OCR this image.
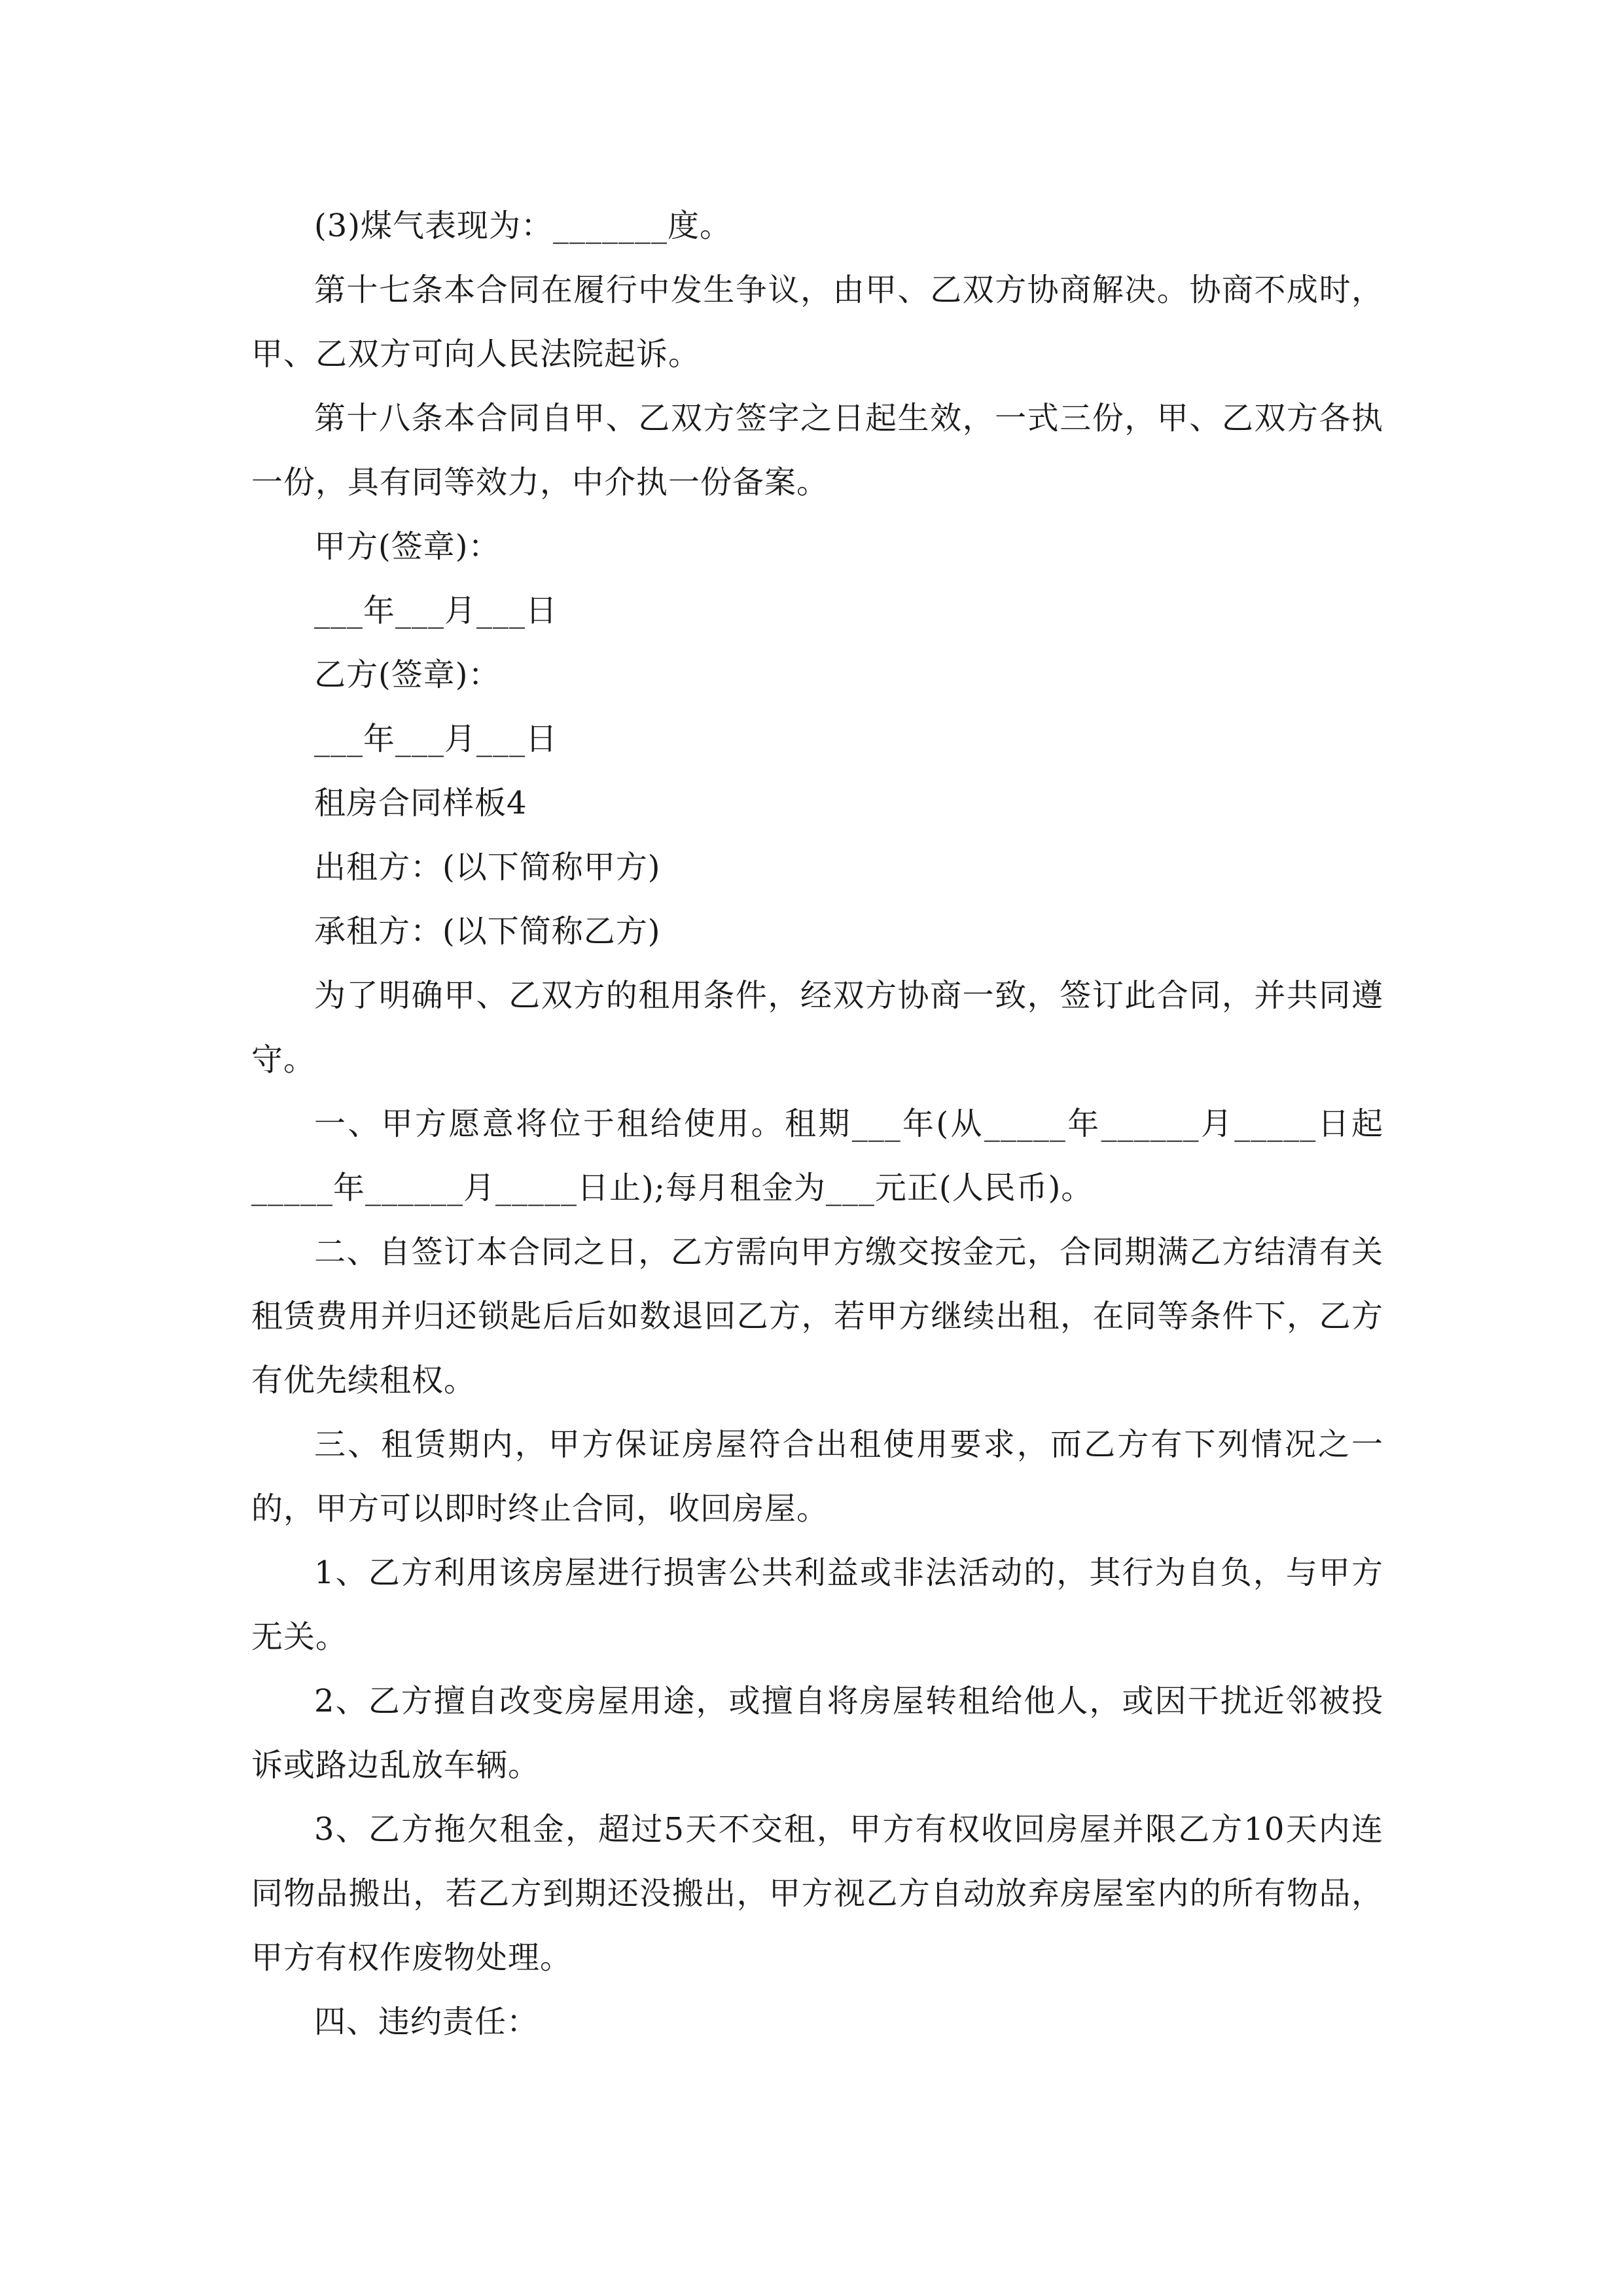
(3)煤气表现为：_______度。

第十七条本合同在履行中发生争议，由甲、乙双方协商解决。协商不成时，甲、乙双方可向人民法院起诉。

第十八条本合同自甲、乙双方签字之日起生效，一式三份，甲、乙双方各执一份，具有同等效力，中介执一份备案。

甲方(签章)：

___年___月___日

乙方(签章)：

___年___月___日

租房合同样板4

出租方：(以下简称甲方)

承租方：(以下简称乙方)

为了明确甲、乙双方的租用条件，经双方协商一致，签订此合同，并共同遵守。

一、甲方愿意将位于租给使用。租期___年(从_____年______月_____日起_____年______月_____日止);每月租金为___元正(人民币)。

二、自签订本合同之日，乙方需向甲方缴交按金元，合同期满乙方结清有关租赁费用并归还锁匙后后如数退回乙方，若甲方继续出租，在同等条件下，乙方有优先续租权。

三、租赁期内，甲方保证房屋符合出租使用要求，而乙方有下列情况之一的，甲方可以即时终止合同，收回房屋。

1、乙方利用该房屋进行损害公共利益或非法活动的，其行为自负，与甲方无关。

2、乙方擅自改变房屋用途，或擅自将房屋转租给他人，或因干扰近邻被投诉或路边乱放车辆。

3、乙方拖欠租金，超过5天不交租，甲方有权收回房屋并限乙方10天内连同物品搬出，若乙方到期还没搬出，甲方视乙方自动放弃房屋室内的所有物品，甲方有权作废物处理。

四、违约责任：
